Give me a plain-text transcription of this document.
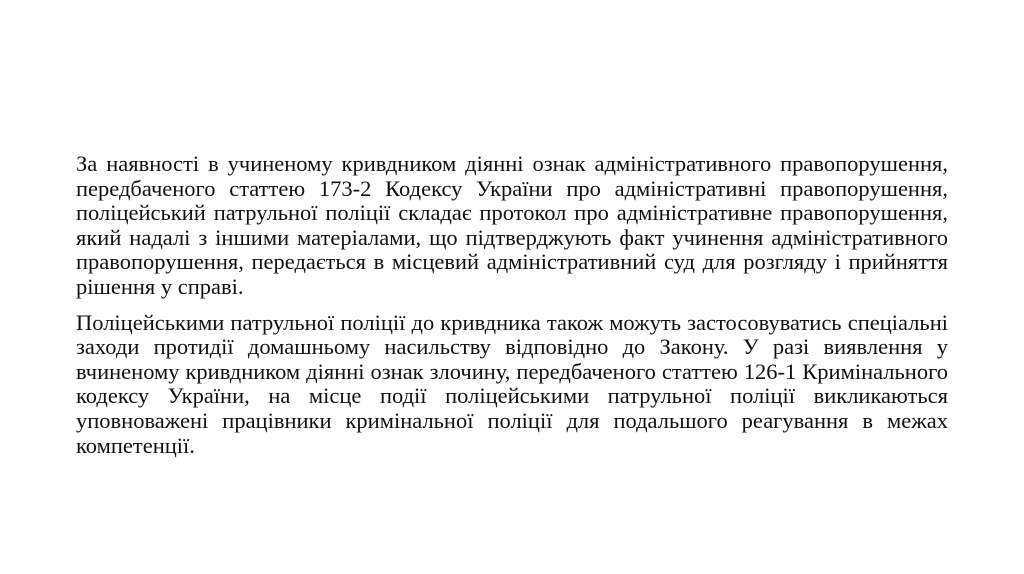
За наявності в учиненому кривдником діянні ознак адміністративного правопорушення, передбаченого статтею 173-2 Кодексу України про адміністративні правопорушення, поліцейський патрульної поліції складає протокол про адміністративне правопорушення, який надалі з іншими матеріалами, що підтверджують факт учинення адміністративного правопорушення, передається в місцевий адміністративний суд для розгляду і прийняття рішення у справі.

Поліцейськими патрульної поліції до кривдника також можуть застосовуватись спеціальні заходи протидії домашньому насильству відповідно до Закону. У разі виявлення у вчиненому кривдником діянні ознак злочину, передбаченого статтею 126-1 Кримінального кодексу України, на місце події поліцейськими патрульної поліції викликаються уповноважені працівники кримінальної поліції для подальшого реагування в межах компетенції.
